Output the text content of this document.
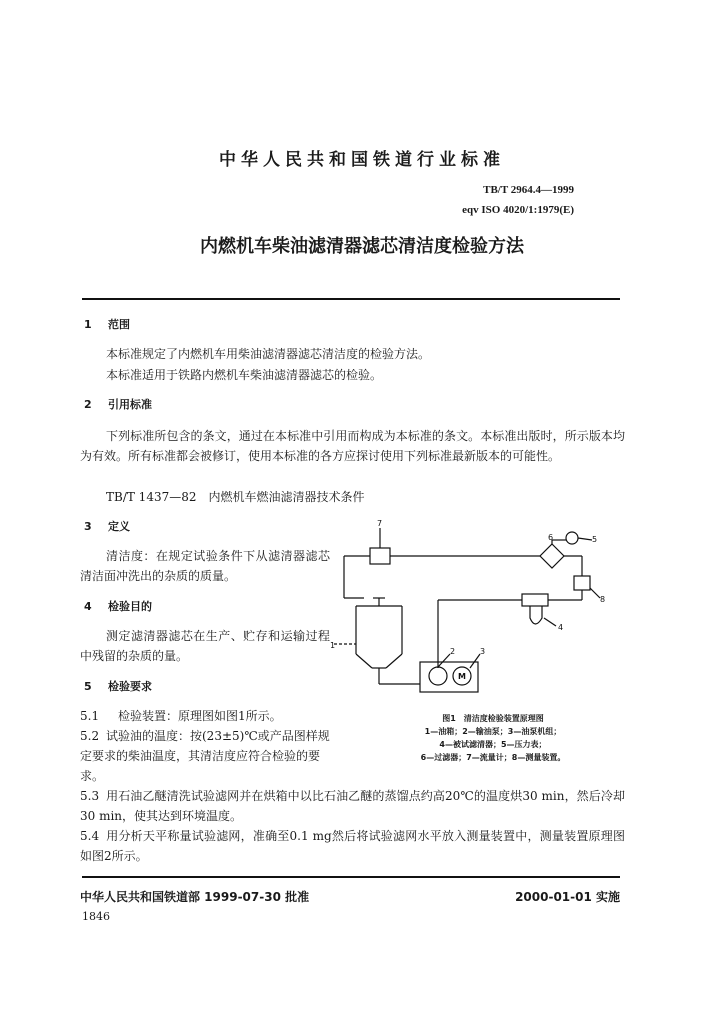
中华人民共和国铁道行业标准
TB/T 2964.4—1999
eqv ISO 4020/1:1979(E)
内燃机车柴油滤清器滤芯清洁度检验方法
1 范围
本标准规定了内燃机车用柴油滤清器滤芯清洁度的检验方法。
本标准适用于铁路内燃机车柴油滤清器滤芯的检验。
2 引用标准
下列标准所包含的条文，通过在本标准中引用而构成为本标准的条文。本标准出版时，所示版本均为有效。所有标准都会被修订，使用本标准的各方应探讨使用下列标准最新版本的可能性。
TB/T 1437—82　内燃机车燃油滤清器技术条件
3 定义
清洁度：在规定试验条件下从滤清器滤芯清洁面冲洗出的杂质的质量。
4 检验目的
测定滤清器滤芯在生产、贮存和运输过程中残留的杂质的量。
5 检验要求
5.1 检验装置：原理图如图1所示。
5.2 试验油的温度：按(23±5)℃或产品图样规定要求的柴油温度，其清洁度应符合检验的要求。
5.3 用石油乙醚清洗试验滤网并在烘箱中以比石油乙醚的蒸馏点约高20℃的温度烘30 min，然后冷却30 min，使其达到环境温度。
5.4 用分析天平称量试验滤网，准确至0.1 mg然后将试验滤网水平放入测量装置中，测量装置原理图如图2所示。
1
2	3
4
5
6
7
8
M
图1　清洁度检验装置原理图
1—油箱；2—输油泵；3—油泵机组；
4—被试滤清器；5—压力表；
6—过滤器；7—流量计；8—测量装置。
中华人民共和国铁道部 1999-07-30 批准	2000-01-01 实施
1846
